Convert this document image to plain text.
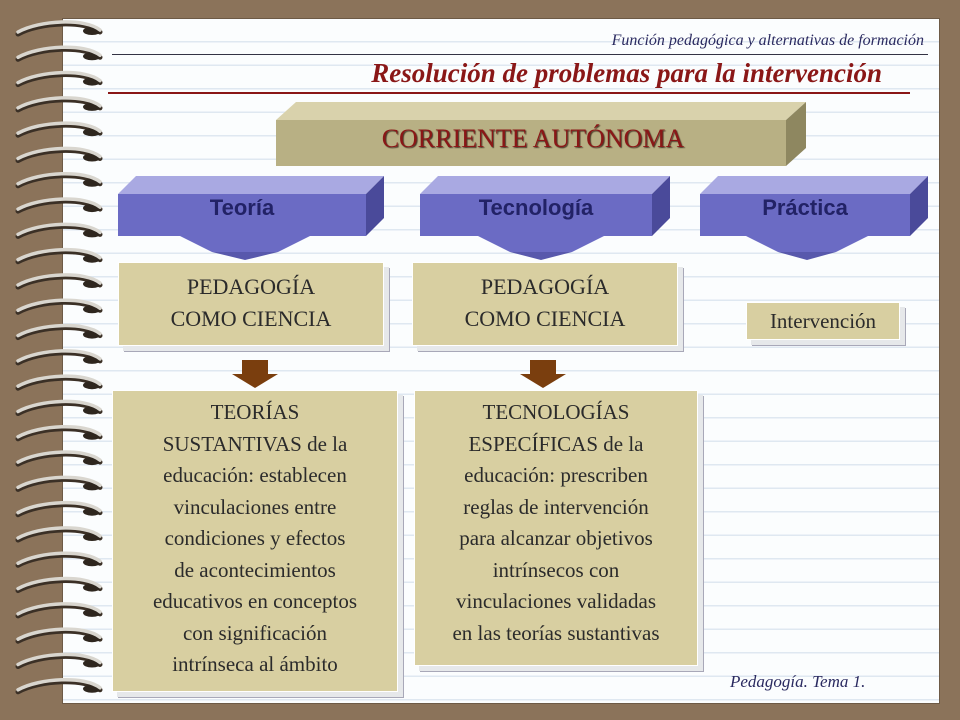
Función pedagógica y alternativas de formación
Resolución de problemas para la intervención
CORRIENTE AUTÓNOMA
Teoría	Tecnología	Práctica
PEDAGOGÍA
COMO CIENCIA
PEDAGOGÍA
COMO CIENCIA	Intervención
TEORÍAS
SUSTANTIVAS de la
educación: establecen
vinculaciones entre
condiciones y efectos
de acontecimientos
educativos en conceptos
con significación
intrínseca al ámbito
TECNOLOGÍAS
ESPECÍFICAS de la
educación: prescriben
reglas de intervención
para alcanzar objetivos
intrínsecos con
vinculaciones validadas
en las teorías sustantivas
Pedagogía. Tema 1.
